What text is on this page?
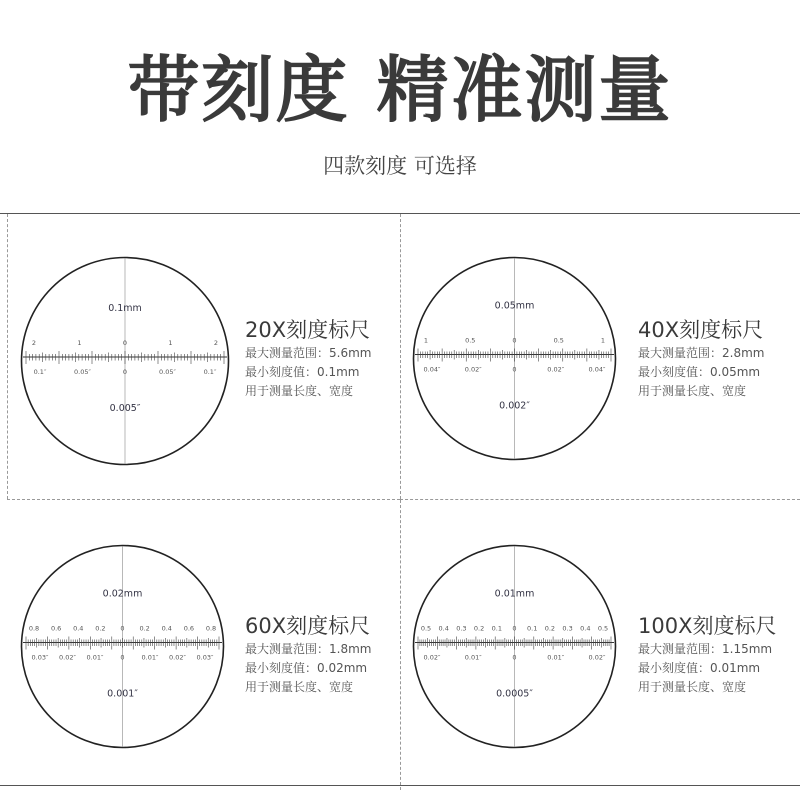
带刻度 精准测量
四款刻度 可选择
2	1	0	1	2
0.1″	0.05″	0	0.05″	0.1″
0.1mm
0.005″
20X刻度标尺
最大测量范围：5.6mm
最小刻度值：0.1mm
用于测量长度、宽度
1	0.5	0	0.5	1
0.04″	0.02″	0	0.02″	0.04″
0.05mm
0.002″
40X刻度标尺
最大测量范围：2.8mm
最小刻度值：0.05mm
用于测量长度、宽度
0.8 0.6 0.4 0.2 0 0.2 0.4 0.6 0.8
0.03″ 0.02″ 0.01″	0	0.01″ 0.02″ 0.03″
0.02mm
0.001″
60X刻度标尺
最大测量范围：1.8mm
最小刻度值：0.02mm
用于测量长度、宽度
0.5 0.4 0.3 0.2 0.1 0 0.1 0.2 0.3 0.4 0.5
0.02″	0.01″	0	0.01″	0.02″
0.01mm
0.0005″
100X刻度标尺
最大测量范围：1.15mm
最小刻度值：0.01mm
用于测量长度、宽度
